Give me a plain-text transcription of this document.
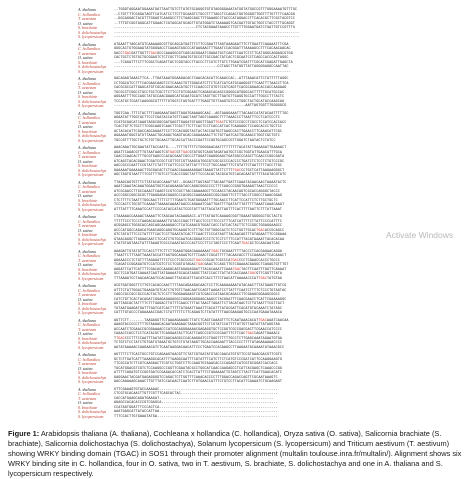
A. thaliana	--TGGGTAGGAATGGAAATGATTAATTGTCTTATGTGCAGGGTGTGTAGGGGAAATATGGTATGGCCGTTTGGGAAAATGTTTGC
C. hollandica	--CTGTTTTCGGGATAGTTCATCATCCTTCTTGCAAGTCTGCCTTTTAGCTCCAGACTGGTGGGGTTGGTTTTGTTTTCAACGG
T. aestivum	--GGCAGGACTACGTTTGGAGTCAAGGCCTTCTAAGCAGCTTTGAAAGCCTACCCATAGGACCTTCACACGCTTCGCTACGTCC
O. sativa	--TTTGTCGGTAGGCATTGGAACTCGTAGCATGCAGTTGTATGGATCTAAAAAGTCACGATTGTACTGGTCTACCTTTGCAGGT
S. brachiate	--------------------------------------CTCTACGAAATAAACCTTGTTTTGGAATGATCTGATTGTCCGTTTG
S. dolichostachya --------------------------------------------------------------------------------------
S. lycopersicum	--------------------------------------------------------------------------------------
A. thaliana	ATAAATTTAGCATGTCAAAAAGCGTTGCAGCATGATTTCTTCCGAATTTAGTAAAGAATTTCTTGAATTCAAAAATTTCGA
C. hollandica	GGGCACTGTGGAAATATGGGGACCTCAAAGTAGCCCATAAGAACTTTGAATCCACGGATTTAAAAGCCTTTCACAACAACAC
T. aestivum	GACCTGACGATTGGTTTGACGCCCAAAGGCGTCAGCACGGAATCGAGATGCTCAGTTCAATCTCTTCATGGGCAGGAGCGTGG
O. sativa	CACTGCTCTGTGCTGCGGAGTCTCTCGCTTCAGATGTGCCGTTGCCGACTATCACTCGCAATCCTCAGCCACCCACTAGGC
S. brachiate	---TCAGATTTCTTTCGGCTCAGATTACTCGGTACCTTACCCTTCGTCTTGTCTTGAATCGATTTCGCATCGAGATTGAGCTA
S. dolichostachya ------------------------------------------------CCTAGCTTATGGTTATTAGGGGAGGCCAATTAC
S. lycopersicum	----------------------------------------------------------------------------------
A. thaliana	GACAGAGTAAACTTCA--TTGATAAATGGAAGACACTCAACACACATTCAAACCAC--ATTTAAACATTCTATTTTTAGGC
C. hollandica	CCTGGCATCCTTTCACGAACAAGTCCTCAAACTGTTGGACATCTTCTCATCATCATGCAAGGGTTTCAATTTTAACCTTCA
T. aestivum	CACGCGCCATTGAGCATGTCGCACGAACAACATGCTTCCAACCCTGTGTCCGTCAGTTCACGCAGAACACCACCAAGAAG
O. sativa	TGCGCCTCGGCCTGCCTGCTCGCTTCTTCCTGTCGGAGCTCAGAGCACAGCCGGGGCATGGGCACTTTTTGCATGCCAC
S. brachiate	AGGAATTTTGCCAGCTATGCCAACGAAGCATGCAATGCATCTAGTTGCTTGATGTTGAGGTGCCATTTGGCCTTTACTC
S. dolichostachya TCCATGCTCGATCAAGGGCGTTTTTGTGGTCTAGTGATTTTGAGTTGTTAAGTGTCCCTGGCTACTGCATACCAAGCAG
S. lycopersicum	-------------------------------------------------------------AATTAGTGGTTTGGGGGCG
A. thaliana	TGGTCAA-TTTCTACTTTCAAGAAATGAGTTAGATGAAAAGCAAC--AGTAAAGAAATTTACAACCATATACAATTTTTGC
C. hollandica	AGAATATTTGGTACTTCCTCGATACCATGTTCAACTAGTTAGTCAAAGCTTTTAAACCCTTAATTTCCTCATCCCTC
T. aestivum	CCATGCGACATCAAGTAGGCGGCGATGAGTTGAGATGTAGGTTGAGTTGACTCTGTCCCGCCTCGCCTCCATCCACCACC
O. sativa	TCACTGTTCTGCTTTCGGCAAGTCAACTTCGCTTTCTTCACTCCTCACCATCACTCAAGAGCTCCAGCACCCTGCTCC
S. brachiate	ACTACACATTCGACCAGCAGAATTCCTTCCACGGGTACTACTACCGATGCTGAGCCACTTGAACCTTCAAACATTCGC
S. dolichostachya AGAAAATGGGTATGTTAAACTGCAGACTGAGTACACCAGAAAAACTTCTGTTAATCACTGCAAACCTGGTCGCTGTC
S. lycopersicum	TGCCGTTTTGCTGCTCTGTTGCAACTTGCACCATTACCCGATTCCGGTGCAGCCGTTGGATCTAATACTCTATCC
A. thaliana	AAACAAATTGCGAATATTACCAATG----TTTTGTTTTCTGGGGAACAATTTTTTTTTACATATTGAAAGATTGAAAACT
C. hollandica	AGATTCAAACGTTTGTAATAAGTCGTGACGTTGACGTATGGTCAGGTAGATAATGCTCGCTGGTATTGAACATTTGCA
T. aestivum	CAACCCAACACTTTGCGTGAGCCCACACGAATCGCCCTTGGATCGAGGGAGCTGATGGCCCAGCTTCAACCCGGCGATA
O. sativa	ATCAGCTACACGAACTCGATCCGCTCGTTGTCGTTAAGCATGGCGTCGCGCCCCACCCCTGATCTCTCCTCTGTCCCGC
S. brachiate	AACCGCCCAATTCCGTATTCTATTTCATTCCCCTATTATTTTCCTTGCCAAATTTCTGTATTCTAATTTTTACCTTGC
S. dolichostachya GAAAAATGAAAAACTTGCGACACTCTCAACCAAAAAAGGAGTAAAGTTATTCTTTTGACCCTGCTCATTAAGAAGGGCT
S. lycopersicum	AGCTAGTGTAATTTTCGTTTTGTCCTTCACCCGGCTATTTCCCACACTACGCATGTCACACAATGTTTTACATACGTATC
A. thaliana	TTAAGCAGTGTTTCTTATACACCAAATTAT--GCAACTTAGTAGTTTACAATTGATTCAAATACAACAACTAAAATACTC
C. hollandica	AAATCAAATACAAATGGAGTGGTCACAGAAGATACCAGGCGGGCCCCTTTCAGCCCGGGTGAAAGTTAACTCCCCC
T. aestivum	ATCGCAACCTTGCCAAACTCAAGTCCGTCCGCTTACCAAAAAGCTTCCAACCTACAACAGTCGCACCAGGGCTACCC
O. sativa	ACCCGGCCGGCGCGCTTGAGGAGACGAGGCCCACGGCCAAGAAGGCCGGCGAGTTCTTTTACCTCGGCCTAAACGGAG
S. brachiate	CTCTTTTCTAATTTGGCAACTTTTCTTTTGAATCTGATGGGAATTTTGCAACCTTCATTCCATTCTCTTGCTGCTC
S. dolichostachya TCCCACTCTGCGTTCAAAATTAAAACAAAATAACCCAGAAATCGATTGATTTTGATATTTATTTTTAAATCAAACAAAT
S. lycopersicum	ATTTATTTTCAAATCCATTCCCCATACCATACTCCGTATTTATTACATATTAGTTTCACTTTTAATTCTTTATTAAAT
A. thaliana	CTAAAAACCAAAACTAAAATTCTAGCAATACAAAGACC-ATTTATGATCAAAAGCGGTTGAAATGGGGGCTGCTACTG
C. hollandica	TTTTTCCCTCCCTAAGACACAAAATTGTACCCGACTTTACCTCCCTTCCCCTTTCATCATTTTCTTATTCCCCATTTC
T. aestivum	ACGGAGCCTGGGCACCAGCAGCAAAAGACCTCATCAAACGTGGATCACCTATCACTACTTCTCCGGCTGGAGGAAGCC
O. sativa	ACCCATGGCCAGACATGAGCAGGCAGGTGCAAGGTCCTTTGCTGTTGGGCACTCTCCTGGTTGCACTGACACCGCAGCC
S. brachiate	GTCTATATTTCCCTATTTTCACTCCTTGAATATCACTTCAACTTCCCATAGTTTACAACAGTTTATAGAATTTCCGGAAA
S. dolichostachya GTAACAGGCTTAGAACAATCTCCATCTGTGCAATCACGGGATCCCTCTCCTCTTTCCATTTACATAAAATTACACACAA
S. lycopersicum	CTATGTAGTAACTATTTAAAGTCGCCCAAATACCCCACTCCCTTCCTAGTCCCTTCAATTGACGCTCCAACAATCAC
A. thaliana	AAAGATTGTATGTTCCACCTTTCTTCTTGAAGTGGACAAAAAAATTGACTGCGAATTTTTACCCTCACGAGAACAGGA
C. hollandica	TTAATTCTTTAATTAAATACCATTAGTGGCAGAGTGTTTCAACTCGCATTTTTACAACACCTTCCAAAGATTCACAAACT
T. aestivum	AGAAACCCTCTGTTTTAGAGATTTCTCCCTCGCCCGCTGACCCGCACTCGCCCATGACCCCTCGAACCACCCTGCCC
O. sativa	TCAGATCCGGAGATGTCCATCGTCTCCTCGGTATAGACTGACGAACTCCAGCTTGTCGAAAACGAGGCTCAGAGTGTTTGT
S. brachiate	AAGATTCATTCATTTTCGACACCAAGACAGTAGAGAGAATTTACACAAATTCAAATGACTACTTCAATTTAGTTCAAAAT
S. dolichostachya GCCTCCATGATCAAAATCAGTTATGAAAATGCACATAGGCTTATCCACTTATTATCACCAAATGACGTTCGGTTTATA
S. lycopersicum	TTTAAAATCCTAACAACAATCCACAAACTTACACATTCACATCACCTTTCTAACATTAAAAACCCATTGACTATGTAA
A. thaliana	ACGTGATGGGTTCTTGTCACACCAACTTTTAACAGAAGACAACTCCTTCAAGAAAAATATACAACTTTATGAAGTTGTCG
C. hollandica	ATTTCTATTGGACTGAAGATGTCATCTGTGTCTAACAATCCAGTTAAGATCCTTATTTCAATCTTTTCTCCCTGTAGTAC
T. aestivum	CAGCCGCCGCCGCCCACTACTCTCCTTTGGGAAGAAGTCGTCGACCCATAACGCAGACCTTCGAAGCGGAAGCGGCC
O. sativa	CATCTGTTCACTACAGATCGGAGAGAGAGGCCGGGAGGGGAGCAAGCCTACGGATTTCAACGAACCTCATTCGAAAAGGC
S. brachiate	AGTTAGCACTATTTTCTTTGAGACTTGTTTCAACCTTTACTAACTTAGATTCTTACATAACTCTTGTAATTTCGTTACT
S. dolichostachya TATAATGAAGATGATTTGATCATCACTTTTTATGAATTAAATTCACATTTATACGATTCACATGTACAAATCTATAGC
S. lycopersicum	CATTTGTACCCTAGAAAACCGACTCTATTTTTCTTCAGAGTCTTATATTTTAACGAAGAGTGCCCAATGAAATAAACA
A. thaliana	AGTTCTT-------TAAGAGGTTCTAAAAGAAAACTTATCTCAGTCAAAGTTTCTCAATAAACACATTGACAAATCAACAA
C. hollandica	AAAGTACCCCCTTTTGTAAAACACAATAAAGAACTAAACGGTTCTCGTATCCATTTTATTGTTAATATTATAGGTAG
T. aestivum	ACCAATCTCGAACCGCGGAAAACCCATCGCAGGGAAAACGAGAGGTGCTCCGGTCGCCGACGACTTCGAACCATCCCC
O. sativa	CAAACCCACCTCCTCATACGCTTCAGGAATACTTCATTCAGCCCGTCCGCAATTTCTTCACTGACCAGATTGAAACC
S. brachiate	TTGACCCCTTTCCAATTTAATATCAACAAGGCCCACAAGGATCCTGAGTTTTTTGCCTCTTGAGCAAATAGAATGTGA
S. dolichostachya TCTGTCTCCTATCTGTGATGTAAATGCTGTCTGTATAAGTTGCACCAAGAATTTACCCCCTTTTATAGAAAAAACCCC
S. lycopersicum	AATATAAAAACCAAGAACATCTCAATAAGGACAACATTCCCTGAATCCACAAGCCTTAAGAATACAAAATATAAACGCC
A. thaliana	AGTTTTCTTCACTGCCTGTCCAGAAGTAACGTTCTATCGTGATATGTACCAACATGTGTTCCGTGAACGACGTTCGTC
C. hollandica	GCTCTTGATCATTTAAAGGCACATTTTAAGGCAATTTCATATTTCATCTTCTCATGTCCCGATCATTCCAAGGAAGTG
T. aestivum	TTCGCCATCTTCGTCAAGGACTTCGTCCTGGTCTTCCAAGTGTAAACACCCCAGAGTCATCGTGCGGATCACCACC
O. sativa	TGCATGGACGTCGTCTCCAAGGCCCGGTTCGAATACGCCTGGCATCAACCAAGAGCCTCATTACGAGCTCAAACCCGG
S. brachiate	ATTTTCAGATGTCCGGTGATCCGAGACACCATCTCACTTATTTCTAGAAAATTGTAGTCTTACTTCATTGAACACATC
S. dolichostachya GAGGAACTACGATGAGAGGGGTCCAGACTCTTGGTTTCAAACACCCCTTTGGACCAGACCAGTTCGCAATAAAGTC
S. lycopersicum	AACCAAAAAGCAAACTTGTTTATCCACAACTCAATCTTGTGAACCATTTCTGTCCTTACATTCAAAATCTGCAAGAGT
A. thaliana	GTTCGAAAGTGTACCAAAAAC-------------------------------------------------------
C. hollandica	CTCGTGCACAACTTGTTCGTTTCAGCACTAC---------------------------------------------
T. aestivum	CACCATGAAGCAGATGAAGAT-----------------------------------------------------
O. sativa	AGAGCCACACACCCGTCGAGCA------------------------------------------------------
S. brachiate	CCATAGTGGATTTCCCACTCA-------------------------------------------------------
S. dolichostachya AAATGAGCATTATACCATTAA-------------------------------------------------------
S. lycopersicum	TTTCCACTTGTGAAATATGA--------------------------------------------------------
Activate Windows
Figure 1: Arabidopsis thaliana (A. thaliana), Cochleana x hollandica (C. hollandica), Oryza sativa (O. sativa), Salicornia brachiate (S. brachiate), Salicornia dolichostachya (S. dolichostachya), Solanum lycopersicum (S. lycopersicum) and Triticum aestivum (T. aestivum) showing WRKY binding domain (TGAC) in SOS1 through their promoter alignment (multalin toulouse.inra.fr/multalin/). Alignment shows six WRKY binding site in C. hollandica, four in O. sativa, two in T. aestivum, S. brachiate, S. dolichostachya and one in A. thaliana and S. lycopersicum respectively.
